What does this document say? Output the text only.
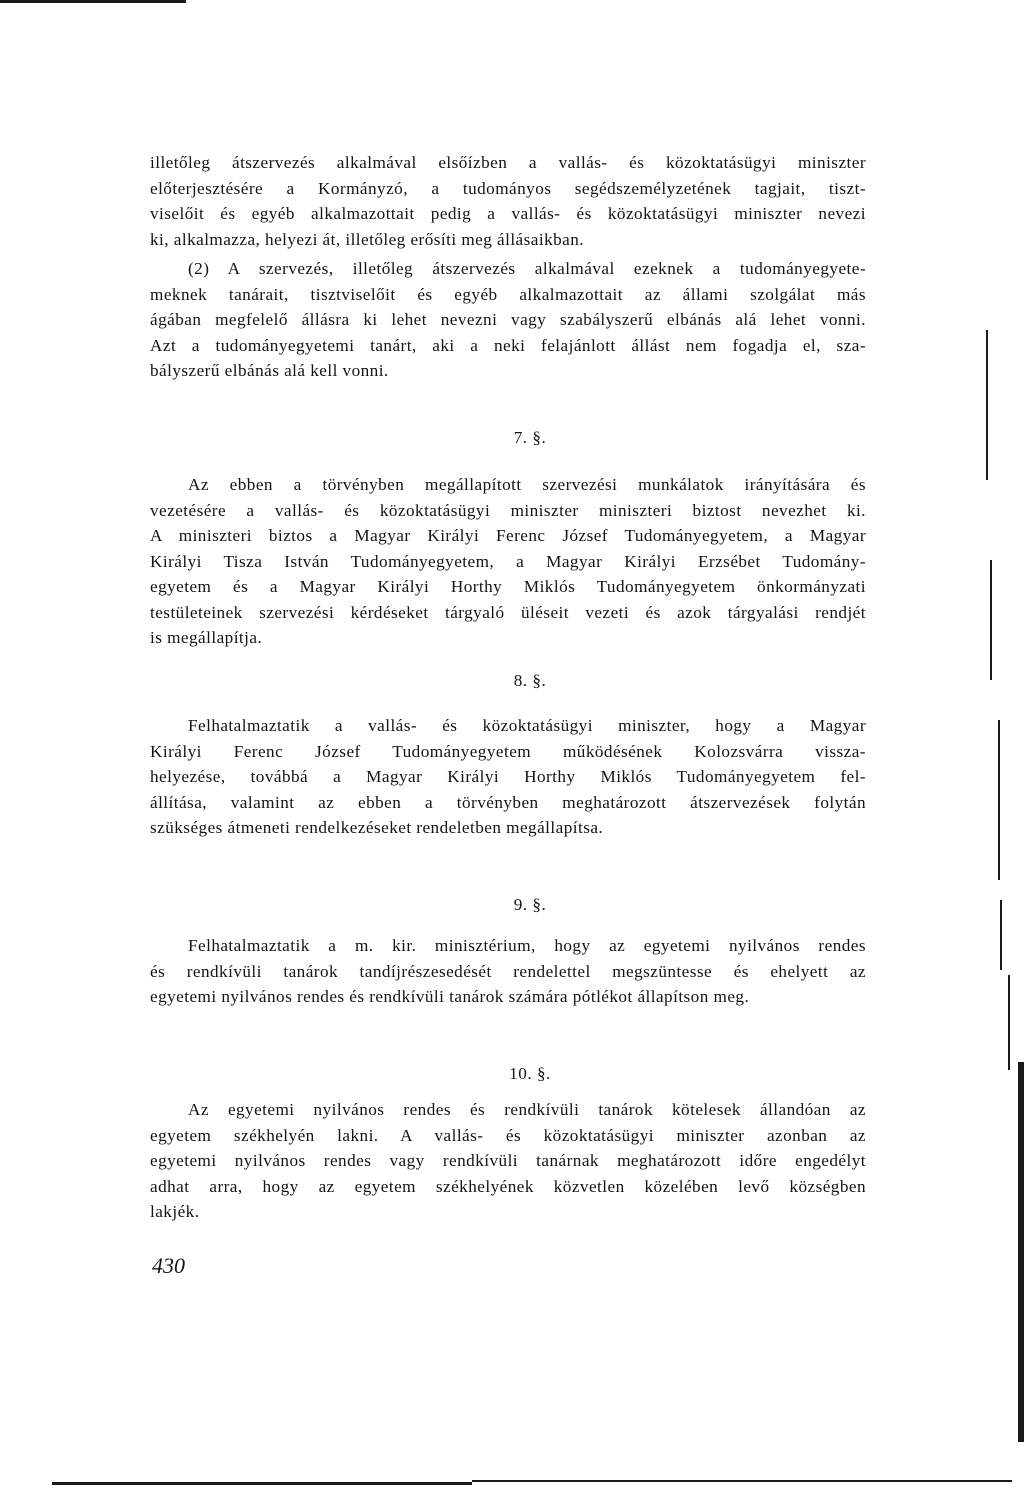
illetőleg átszervezés alkalmával elsőízben a vallás- és közoktatásügyi miniszter
előterjesztésére a Kormányzó, a tudományos segédszemélyzetének tagjait, tiszt-
viselőit és egyéb alkalmazottait pedig a vallás- és közoktatásügyi miniszter nevezi
ki, alkalmazza, helyezi át, illetőleg erősíti meg állásaikban.
(2) A szervezés, illetőleg átszervezés alkalmával ezeknek a tudományegyete-
meknek tanárait, tisztviselőit és egyéb alkalmazottait az állami szolgálat más
ágában megfelelő állásra ki lehet nevezni vagy szabályszerű elbánás alá lehet vonni.
Azt a tudományegyetemi tanárt, aki a neki felajánlott állást nem fogadja el, sza-
bályszerű elbánás alá kell vonni.
7. §.
Az ebben a törvényben megállapított szervezési munkálatok irányítására és
vezetésére a vallás- és közoktatásügyi miniszter miniszteri biztost nevezhet ki.
A miniszteri biztos a Magyar Királyi Ferenc József Tudományegyetem, a Magyar
Királyi Tisza István Tudományegyetem, a Magyar Királyi Erzsébet Tudomány-
egyetem és a Magyar Királyi Horthy Miklós Tudományegyetem önkormányzati
testületeinek szervezési kérdéseket tárgyaló üléseit vezeti és azok tárgyalási rendjét
is megállapítja.
8. §.
Felhatalmaztatik a vallás- és közoktatásügyi miniszter, hogy a Magyar
Királyi Ferenc József Tudományegyetem működésének Kolozsvárra vissza-
helyezése, továbbá a Magyar Királyi Horthy Miklós Tudományegyetem fel-
állítása, valamint az ebben a törvényben meghatározott átszervezések folytán
szükséges átmeneti rendelkezéseket rendeletben megállapítsa.
9. §.
Felhatalmaztatik a m. kir. minisztérium, hogy az egyetemi nyilvános rendes
és rendkívüli tanárok tandíjrészesedését rendelettel megszüntesse és ehelyett az
egyetemi nyilvános rendes és rendkívüli tanárok számára pótlékot állapítson meg.
10. §.
Az egyetemi nyilvános rendes és rendkívüli tanárok kötelesek állandóan az
egyetem székhelyén lakni. A vallás- és közoktatásügyi miniszter azonban az
egyetemi nyilvános rendes vagy rendkívüli tanárnak meghatározott időre engedélyt
adhat arra, hogy az egyetem székhelyének közvetlen közelében levő községben
lakjék.
430
